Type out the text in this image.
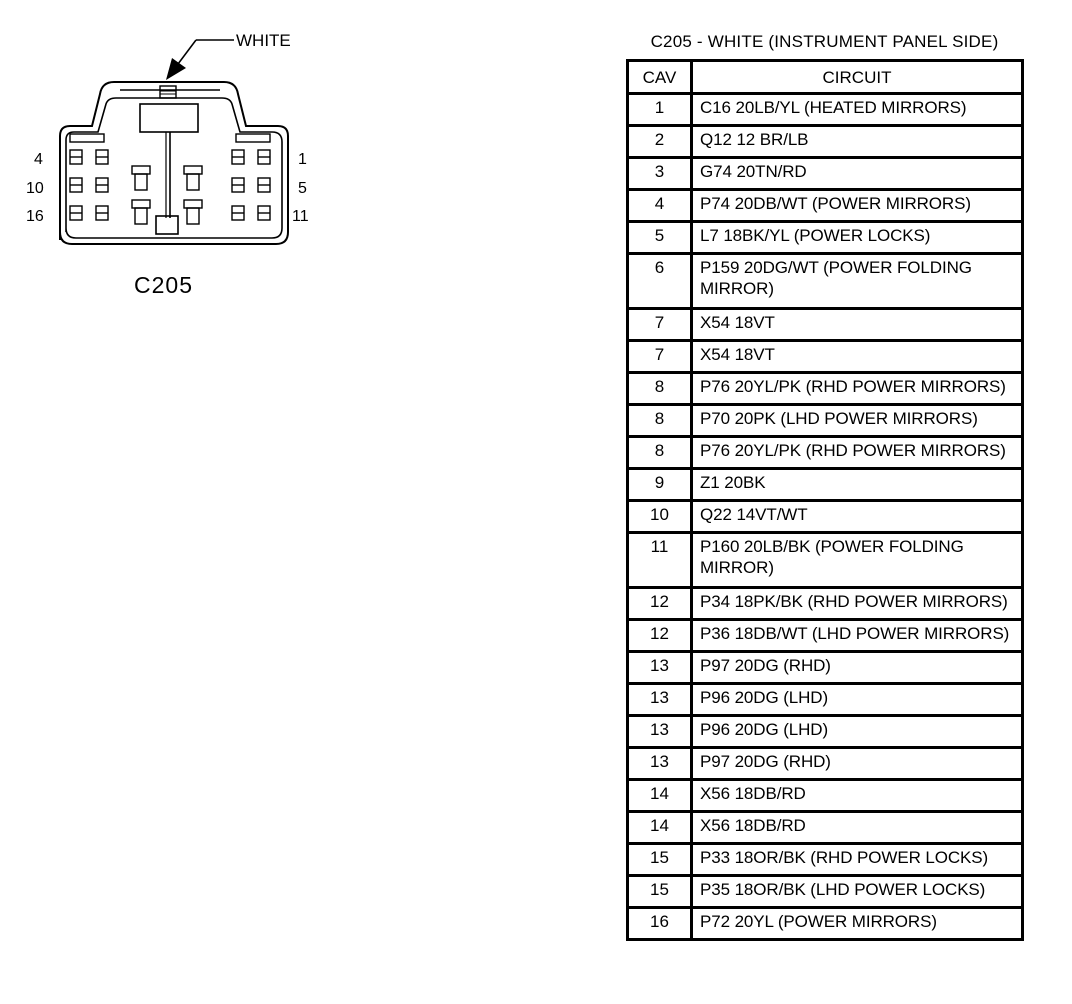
WHITE
4
10
16
1
5
11
C205
C205 - WHITE (INSTRUMENT PANEL SIDE)
CAV	CIRCUIT
1	C16 20LB/YL (HEATED MIRRORS)
2	Q12 12 BR/LB
3	G74 20TN/RD
4	P74 20DB/WT (POWER MIRRORS)
5	L7 18BK/YL (POWER LOCKS)
6	P159 20DG/WT (POWER FOLDING MIRROR)
7	X54 18VT
7	X54 18VT
8	P76 20YL/PK (RHD POWER MIRRORS)
8	P70 20PK (LHD POWER MIRRORS)
8	P76 20YL/PK (RHD POWER MIRRORS)
9	Z1 20BK
10	Q22 14VT/WT
11	P160 20LB/BK (POWER FOLDING MIRROR)
12	P34 18PK/BK (RHD POWER MIRRORS)
12	P36 18DB/WT (LHD POWER MIRRORS)
13	P97 20DG (RHD)
13	P96 20DG (LHD)
13	P96 20DG (LHD)
13	P97 20DG (RHD)
14	X56 18DB/RD
14	X56 18DB/RD
15	P33 18OR/BK (RHD POWER LOCKS)
15	P35 18OR/BK (LHD POWER LOCKS)
16	P72 20YL (POWER MIRRORS)
